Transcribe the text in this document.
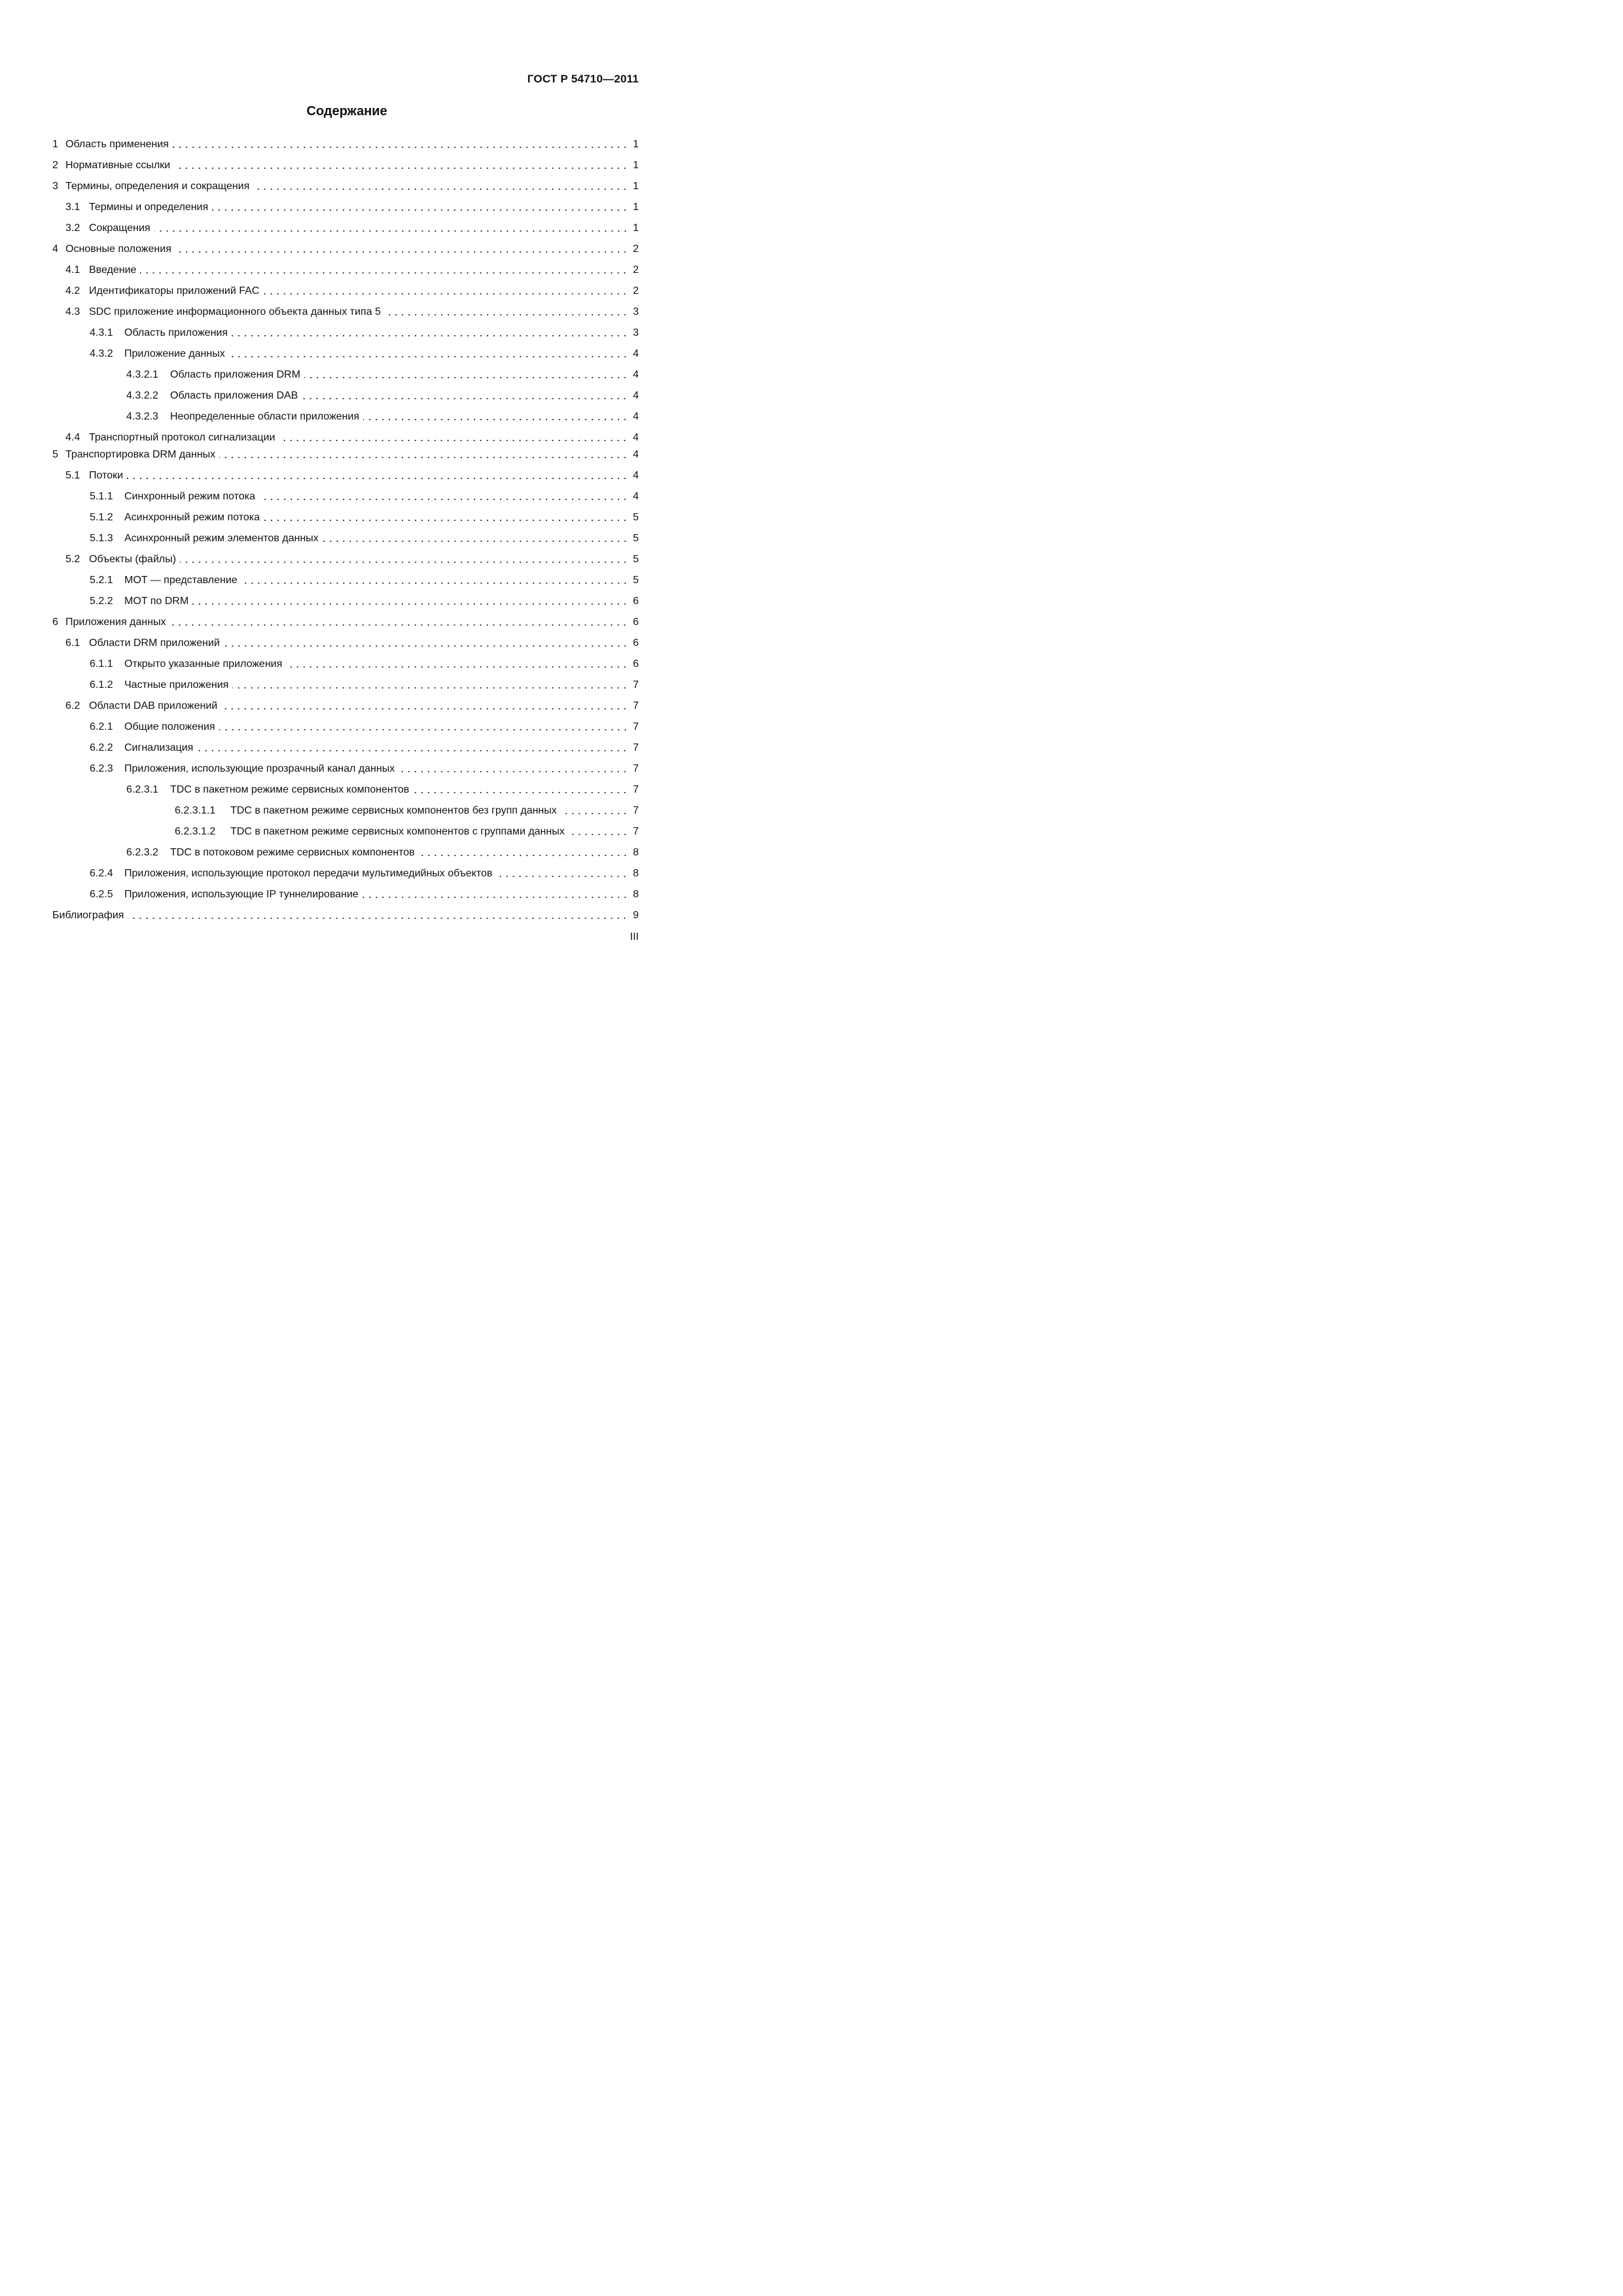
ГОСТ Р 54710—2011
Содержание
1 Область применения	1
2 Нормативные ссылки	1
3 Термины, определения и сокращения	1
3.1 Термины и определения	1
3.2 Сокращения	1
4 Основные положения	2
4.1 Введение	2
4.2 Идентификаторы приложений FAC	2
4.3 SDC приложение информационного объекта данных типа 5	3
4.3.1	Область приложения	3
4.3.2	Приложение данных	4
4.3.2.1	Область приложения DRM	4
4.3.2.2	Область приложения DAB	4
4.3.2.3	Неопределенные области приложения	4
4.4 Транспортный протокол сигнализации	4
5 Транспортировка DRM данных	4
5.1 Потоки	4
5.1.1	Синхронный режим потока	4
5.1.2	Асинхронный режим потока	5
5.1.3	Асинхронный режим элементов данных	5
5.2 Объекты (файлы)	5
5.2.1	MOT — представление	5
5.2.2	MOT по DRM	6
6 Приложения данных	6
6.1 Области DRM приложений	6
6.1.1	Открыто указанные приложения	6
6.1.2	Частные приложения	7
6.2 Области DAB приложений	7
6.2.1	Общие положения	7
6.2.2	Сигнализация	7
6.2.3	Приложения, использующие прозрачный канал данных	7
6.2.3.1	TDC в пакетном режиме сервисных компонентов	7
6.2.3.1.1	TDC в пакетном режиме сервисных компонентов без групп данных	7
6.2.3.1.2	TDC в пакетном режиме сервисных компонентов с группами данных	7
6.2.3.2	TDC в потоковом режиме сервисных компонентов	8
6.2.4	Приложения, использующие протокол передачи мультимедийных объектов	8
6.2.5	Приложения, использующие IP туннелирование	8
Библиография	9
III
